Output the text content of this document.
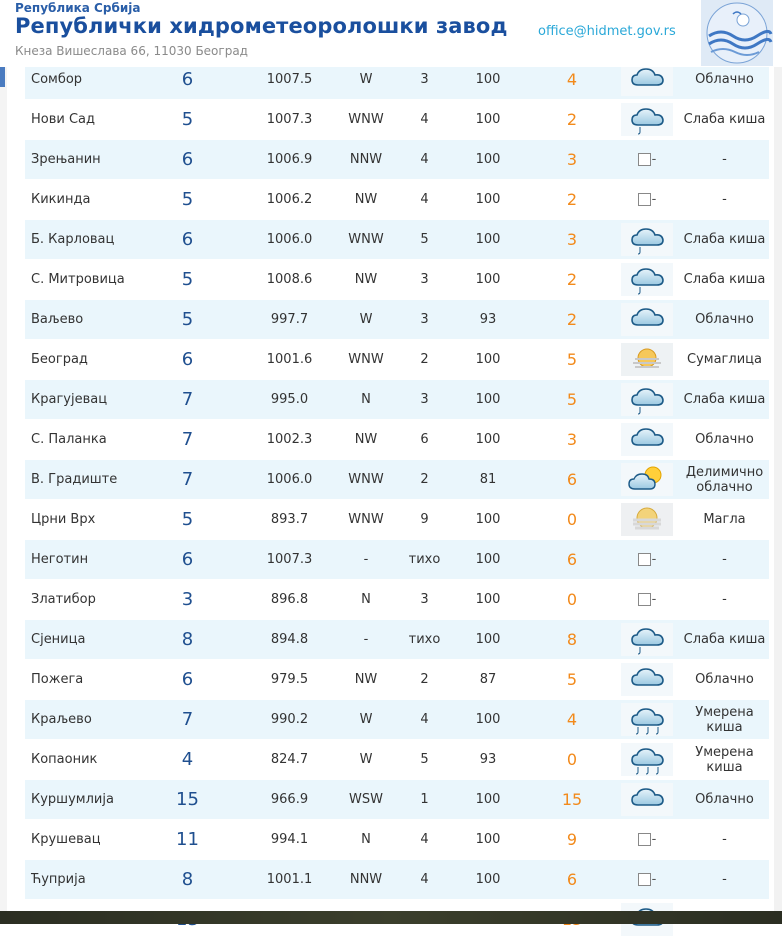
Сомбор	6	1007.5	W	3	100	4		Облачно
Нови Сад	5	1007.3	WNW	4	100	2		Слаба киша
Зрењанин	6	1006.9	NNW	4	100	3	-	-
Кикинда	5	1006.2	NW	4	100	2	-	-
Б. Карловац	6	1006.0	WNW	5	100	3		Слаба киша
С. Митровица	5	1008.6	NW	3	100	2		Слаба киша
Ваљево	5	997.7	W	3	93	2		Облачно
Београд	6	1001.6	WNW	2	100	5		Сумаглица
Крагујевац	7	995.0	N	3	100	5		Слаба киша
С. Паланка	7	1002.3	NW	6	100	3		Облачно
В. Градиште	7	1006.0	WNW	2	81	6		Делимично облачно
Црни Врх	5	893.7	WNW	9	100	0		Магла
Неготин	6	1007.3	-	тихо	100	6	-	-
Златибор	3	896.8	N	3	100	0	-	-
Сјеница	8	894.8	-	тихо	100	8		Слаба киша
Пожега	6	979.5	NW	2	87	5		Облачно
Краљево	7	990.2	W	4	100	4		Умерена киша
Копаоник	4	824.7	W	5	93	0		Умерена киша
Куршумлија	15	966.9	WSW	1	100	15		Облачно
Крушевац	11	994.1	N	4	100	9	-	-
Ћуприја	8	1001.1	NNW	4	100	6	-	-

Република Србија
Републички хидрометеоролошки завод
Кнеза Вишеслава 66, 11030 Београд
office@hidmet.gov.rs
